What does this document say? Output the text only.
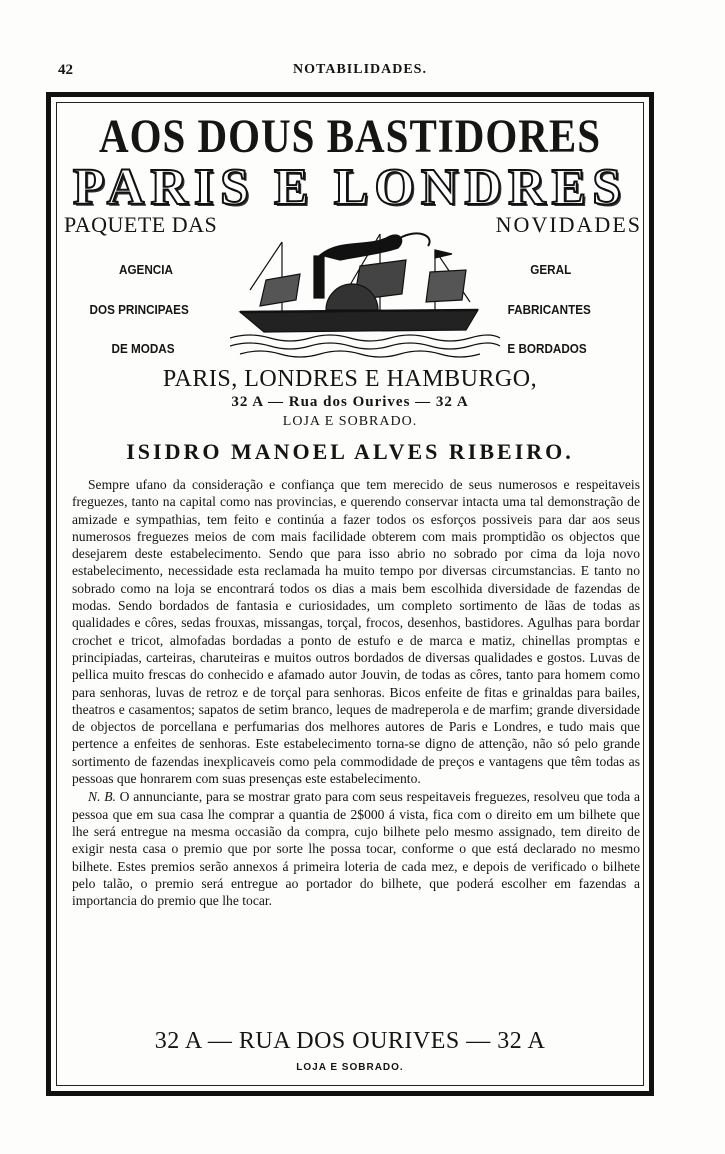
42	NOTABILIDADES.
AOS DOUS BASTIDORES
PARIS E LONDRES
PAQUETE DAS	NOVIDADES
AGENCIA
DOS PRINCIPAES
DE MODAS
GERAL
FABRICANTES
E BORDADOS
PARIS, LONDRES E HAMBURGO,
32 A — Rua dos Ourives — 32 A
LOJA E SOBRADO.
ISIDRO MANOEL ALVES RIBEIRO.

Sempre ufano da consideração e confiança que tem merecido de seus numerosos e respeitaveis freguezes, tanto na capital como nas provincias, e querendo conservar intacta uma tal demonstração de amizade e sympathias, tem feito e continúa a fazer todos os esforços possiveis para dar aos seus numerosos freguezes meios de com mais facilidade obterem com mais promptidão os objectos que desejarem deste estabelecimento. Sendo que para isso abrio no sobrado por cima da loja novo estabelecimento, necessidade esta reclamada ha muito tempo por diversas circumstancias. E tanto no sobrado como na loja se encontrará todos os dias a mais bem escolhida diversidade de fazendas de modas. Sendo bordados de fantasia e curiosidades, um completo sortimento de lãas de todas as qualidades e côres, sedas frouxas, missangas, torçal, frocos, desenhos, bastidores. Agulhas para bordar crochet e tricot, almofadas bordadas a ponto de estufo e de marca e matiz, chinellas promptas e principiadas, carteiras, charuteiras e muitos outros bordados de diversas qualidades e gostos. Luvas de pellica muito frescas do conhecido e afamado autor Jouvin, de todas as côres, tanto para homem como para senhoras, luvas de retroz e de torçal para senhoras. Bicos enfeite de fitas e grinaldas para bailes, theatros e casamentos; sapatos de setim branco, leques de madreperola e de marfim; grande diversidade de objectos de porcellana e perfumarias dos melhores autores de Paris e Londres, e tudo mais que pertence a enfeites de senhoras. Este estabelecimento torna-se digno de attenção, não só pelo grande sortimento de fazendas inexplicaveis como pela commodidade de preços e vantagens que têm todas as pessoas que honrarem com suas presenças este estabelecimento.

N. B. O annunciante, para se mostrar grato para com seus respeitaveis freguezes, resolveu que toda a pessoa que em sua casa lhe comprar a quantia de 2$000 á vista, fica com o direito em um bilhete que lhe será entregue na mesma occasião da compra, cujo bilhete pelo mesmo assignado, tem direito de exigir nesta casa o premio que por sorte lhe possa tocar, conforme o que está declarado no mesmo bilhete. Estes premios serão annexos á primeira loteria de cada mez, e depois de verificado o bilhete pelo talão, o premio será entregue ao portador do bilhete, que poderá escolher em fazendas a importancia do premio que lhe tocar.

32 A — RUA DOS OURIVES — 32 A
LOJA E SOBRADO.
